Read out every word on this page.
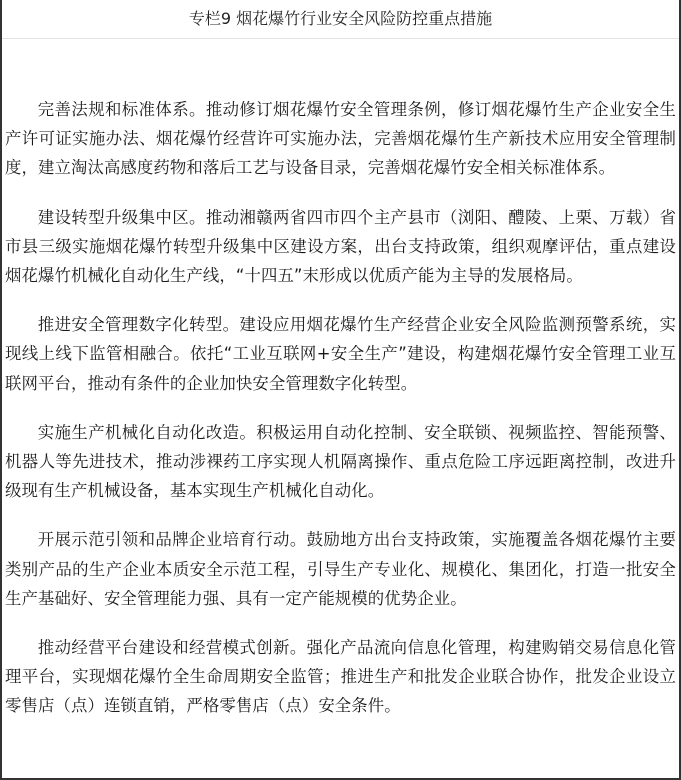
专栏9 烟花爆竹行业安全风险防控重点措施

完善法规和标准体系。推动修订烟花爆竹安全管理条例，修订烟花爆竹生产企业安全生产许可证实施办法、烟花爆竹经营许可实施办法，完善烟花爆竹生产新技术应用安全管理制度，建立淘汰高感度药物和落后工艺与设备目录，完善烟花爆竹安全相关标准体系。

建设转型升级集中区。推动湘赣两省四市四个主产县市（浏阳、醴陵、上栗、万载）省市县三级实施烟花爆竹转型升级集中区建设方案，出台支持政策，组织观摩评估，重点建设烟花爆竹机械化自动化生产线，“十四五”末形成以优质产能为主导的发展格局。

推进安全管理数字化转型。建设应用烟花爆竹生产经营企业安全风险监测预警系统，实现线上线下监管相融合。依托“工业互联网+安全生产”建设，构建烟花爆竹安全管理工业互联网平台，推动有条件的企业加快安全管理数字化转型。

实施生产机械化自动化改造。积极运用自动化控制、安全联锁、视频监控、智能预警、机器人等先进技术，推动涉裸药工序实现人机隔离操作、重点危险工序远距离控制，改进升级现有生产机械设备，基本实现生产机械化自动化。

开展示范引领和品牌企业培育行动。鼓励地方出台支持政策，实施覆盖各烟花爆竹主要类别产品的生产企业本质安全示范工程，引导生产专业化、规模化、集团化，打造一批安全生产基础好、安全管理能力强、具有一定产能规模的优势企业。

推动经营平台建设和经营模式创新。强化产品流向信息化管理，构建购销交易信息化管理平台，实现烟花爆竹全生命周期安全监管；推进生产和批发企业联合协作，批发企业设立零售店（点）连锁直销，严格零售店（点）安全条件。
